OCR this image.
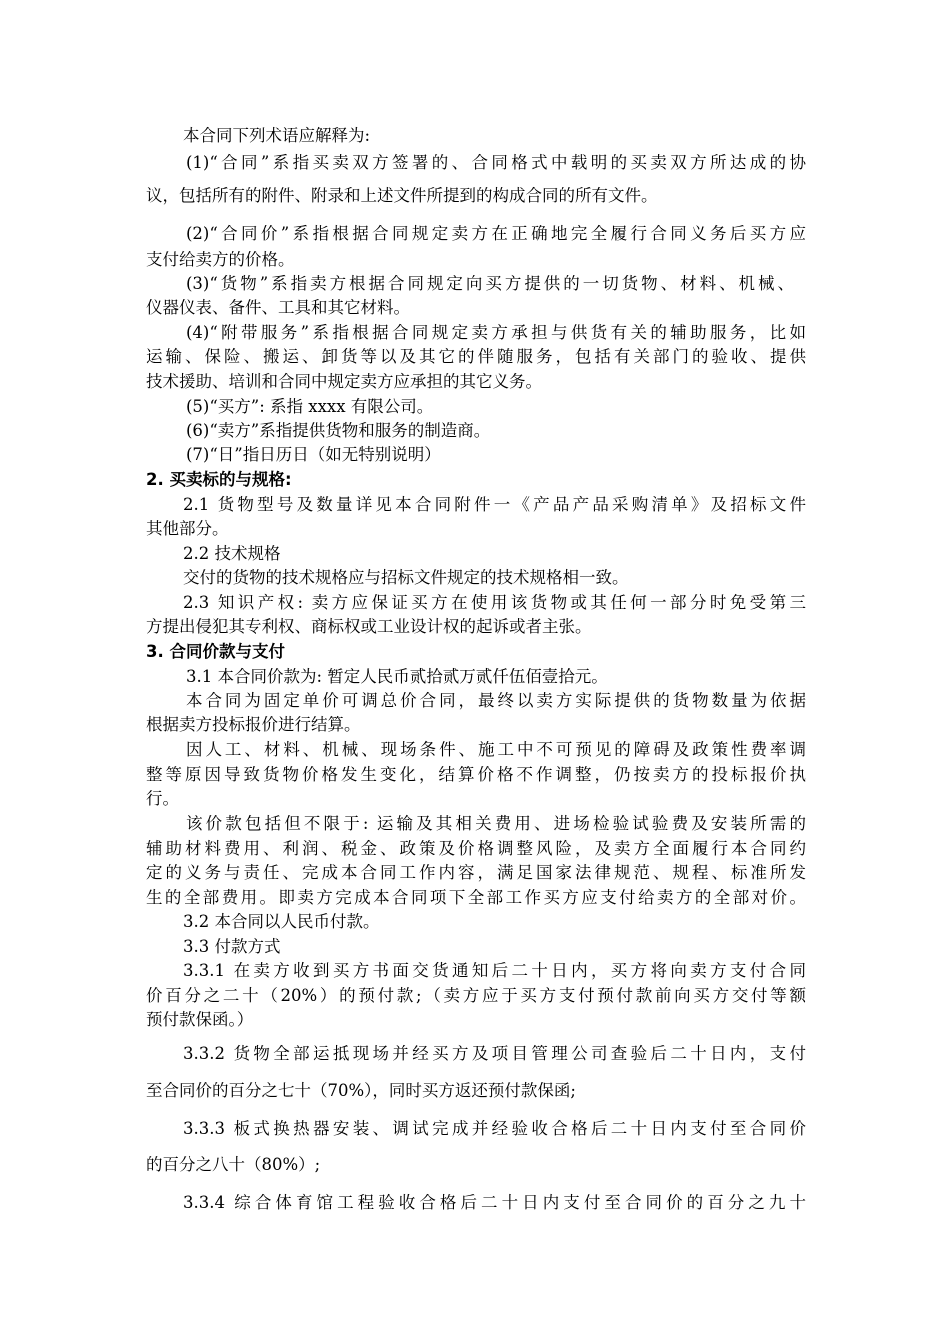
本合同下列术语应解释为:
(1)“合同”系指买卖双方签署的、合同格式中载明的买卖双方所达成的协
议，包括所有的附件、附录和上述文件所提到的构成合同的所有文件。
(2)“合同价”系指根据合同规定卖方在正确地完全履行合同义务后买方应
支付给卖方的价格。
(3)“货物”系指卖方根据合同规定向买方提供的一切货物、材料、机械、
仪器仪表、备件、工具和其它材料。
(4)“附带服务”系指根据合同规定卖方承担与供货有关的辅助服务，比如
运输、保险、搬运、卸货等以及其它的伴随服务，包括有关部门的验收、提供
技术援助、培训和合同中规定卖方应承担的其它义务。
(5)“买方”: 系指 xxxx 有限公司。
(6)“卖方”系指提供货物和服务的制造商。
(7)“日”指日历日（如无特别说明）
2. 买卖标的与规格:
2.1 货物型号及数量详见本合同附件一《产品产品采购清单》及招标文件
其他部分。
2.2 技术规格
交付的货物的技术规格应与招标文件规定的技术规格相一致。
2.3 知识产权: 卖方应保证买方在使用该货物或其任何一部分时免受第三
方提出侵犯其专利权、商标权或工业设计权的起诉或者主张。
3. 合同价款与支付
3.1 本合同价款为: 暂定人民币贰拾贰万贰仟伍佰壹拾元。
本合同为固定单价可调总价合同，最终以卖方实际提供的货物数量为依据
根据卖方投标报价进行结算。
因人工、材料、机械、现场条件、施工中不可预见的障碍及政策性费率调
整等原因导致货物价格发生变化，结算价格不作调整，仍按卖方的投标报价执
行。
该价款包括但不限于: 运输及其相关费用、进场检验试验费及安装所需的
辅助材料费用、利润、税金、政策及价格调整风险，及卖方全面履行本合同约
定的义务与责任、完成本合同工作内容，满足国家法律规范、规程、标准所发
生的全部费用。即卖方完成本合同项下全部工作买方应支付给卖方的全部对价。
3.2 本合同以人民币付款。
3.3 付款方式
3.3.1 在卖方收到买方书面交货通知后二十日内，买方将向卖方支付合同
价百分之二十（20%）的预付款;（卖方应于买方支付预付款前向买方交付等额
预付款保函。）
3.3.2 货物全部运抵现场并经买方及项目管理公司查验后二十日内，支付
至合同价的百分之七十（70%），同时买方返还预付款保函;
3.3.3 板式换热器安装、调试完成并经验收合格后二十日内支付至合同价
的百分之八十（80%）;
3.3.4 综合体育馆工程验收合格后二十日内支付至合同价的百分之九十
